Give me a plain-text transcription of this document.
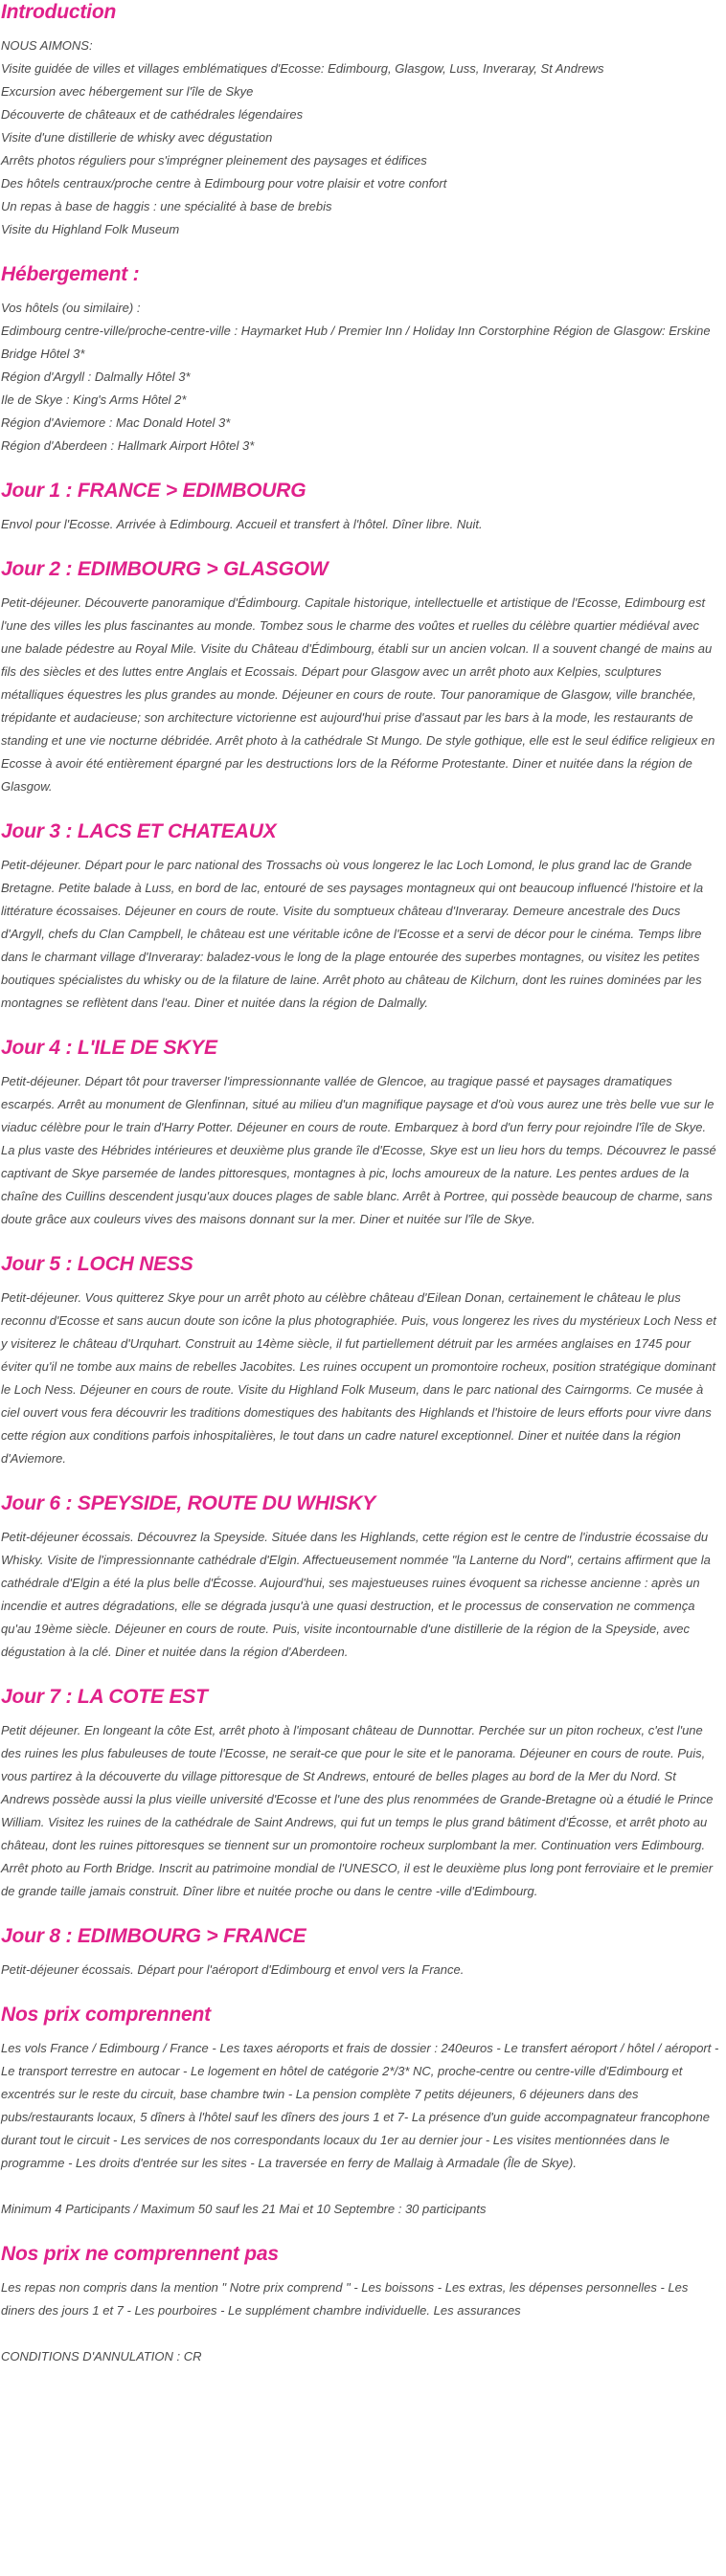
Introduction
NOUS AIMONS:
Visite guidée de villes et villages emblématiques d'Ecosse: Edimbourg, Glasgow, Luss, Inveraray, St Andrews
Excursion avec hébergement sur l'île de Skye
Découverte de châteaux et de cathédrales légendaires
Visite d'une distillerie de whisky avec dégustation
Arrêts photos réguliers pour s'imprégner pleinement des paysages et édifices
Des hôtels centraux/proche centre à Edimbourg pour votre plaisir et votre confort
Un repas à base de haggis : une spécialité à base de brebis
Visite du Highland Folk Museum
Hébergement :
Vos hôtels (ou similaire) :
Edimbourg centre-ville/proche-centre-ville : Haymarket Hub / Premier Inn / Holiday Inn Corstorphine Région de Glasgow: Erskine Bridge Hôtel 3*
Région d'Argyll : Dalmally Hôtel 3*
Ile de Skye : King's Arms Hôtel 2*
Région d'Aviemore : Mac Donald Hotel 3*
Région d'Aberdeen : Hallmark Airport Hôtel 3*
Jour 1 : FRANCE > EDIMBOURG

Envol pour l'Ecosse. Arrivée à Edimbourg. Accueil et transfert à l'hôtel. Dîner libre. Nuit.

Jour 2 : EDIMBOURG > GLASGOW

Petit-déjeuner. Découverte panoramique d'Édimbourg. Capitale historique, intellectuelle et artistique de l'Ecosse, Edimbourg est l'une des villes les plus fascinantes au monde. Tombez sous le charme des voûtes et ruelles du célèbre quartier médiéval avec une balade pédestre au Royal Mile. Visite du Château d'Édimbourg, établi sur un ancien volcan. Il a souvent changé de mains au fils des siècles et des luttes entre Anglais et Ecossais. Départ pour Glasgow avec un arrêt photo aux Kelpies, sculptures métalliques équestres les plus grandes au monde. Déjeuner en cours de route. Tour panoramique de Glasgow, ville branchée, trépidante et audacieuse; son architecture victorienne est aujourd'hui prise d'assaut par les bars à la mode, les restaurants de standing et une vie nocturne débridée. Arrêt photo à la cathédrale St Mungo. De style gothique, elle est le seul édifice religieux en Ecosse à avoir été entièrement épargné par les destructions lors de la Réforme Protestante. Diner et nuitée dans la région de Glasgow.

Jour 3 : LACS ET CHATEAUX

Petit-déjeuner. Départ pour le parc national des Trossachs où vous longerez le lac Loch Lomond, le plus grand lac de Grande Bretagne. Petite balade à Luss, en bord de lac, entouré de ses paysages montagneux qui ont beaucoup influencé l'histoire et la littérature écossaises. Déjeuner en cours de route. Visite du somptueux château d'Inveraray. Demeure ancestrale des Ducs d'Argyll, chefs du Clan Campbell, le château est une véritable icône de l'Ecosse et a servi de décor pour le cinéma. Temps libre dans le charmant village d'Inveraray: baladez-vous le long de la plage entourée des superbes montagnes, ou visitez les petites boutiques spécialistes du whisky ou de la filature de laine. Arrêt photo au château de Kilchurn, dont les ruines dominées par les montagnes se reflètent dans l'eau. Diner et nuitée dans la région de Dalmally.

Jour 4 : L'ILE DE SKYE

Petit-déjeuner. Départ tôt pour traverser l'impressionnante vallée de Glencoe, au tragique passé et paysages dramatiques escarpés. Arrêt au monument de Glenfinnan, situé au milieu d'un magnifique paysage et d'où vous aurez une très belle vue sur le viaduc célèbre pour le train d'Harry Potter. Déjeuner en cours de route. Embarquez à bord d'un ferry pour rejoindre l'île de Skye. La plus vaste des Hébrides intérieures et deuxième plus grande île d'Ecosse, Skye est un lieu hors du temps. Découvrez le passé captivant de Skye parsemée de landes pittoresques, montagnes à pic, lochs amoureux de la nature. Les pentes ardues de la chaîne des Cuillins descendent jusqu'aux douces plages de sable blanc. Arrêt à Portree, qui possède beaucoup de charme, sans doute grâce aux couleurs vives des maisons donnant sur la mer. Diner et nuitée sur l'île de Skye.

Jour 5 : LOCH NESS

Petit-déjeuner. Vous quitterez Skye pour un arrêt photo au célèbre château d'Eilean Donan, certainement le château le plus reconnu d'Ecosse et sans aucun doute son icône la plus photographiée. Puis, vous longerez les rives du mystérieux Loch Ness et y visiterez le château d'Urquhart. Construit au 14ème siècle, il fut partiellement détruit par les armées anglaises en 1745 pour éviter qu'il ne tombe aux mains de rebelles Jacobites. Les ruines occupent un promontoire rocheux, position stratégique dominant le Loch Ness. Déjeuner en cours de route. Visite du Highland Folk Museum, dans le parc national des Cairngorms. Ce musée à ciel ouvert vous fera découvrir les traditions domestiques des habitants des Highlands et l'histoire de leurs efforts pour vivre dans cette région aux conditions parfois inhospitalières, le tout dans un cadre naturel exceptionnel. Diner et nuitée dans la région d'Aviemore.

Jour 6 : SPEYSIDE, ROUTE DU WHISKY

Petit-déjeuner écossais. Découvrez la Speyside. Située dans les Highlands, cette région est le centre de l'industrie écossaise du Whisky. Visite de l'impressionnante cathédrale d'Elgin. Affectueusement nommée "la Lanterne du Nord", certains affirment que la cathédrale d'Elgin a été la plus belle d'Écosse. Aujourd'hui, ses majestueuses ruines évoquent sa richesse ancienne : après un incendie et autres dégradations, elle se dégrada jusqu'à une quasi destruction, et le processus de conservation ne commença qu'au 19ème siècle. Déjeuner en cours de route. Puis, visite incontournable d'une distillerie de la région de la Speyside, avec dégustation à la clé. Diner et nuitée dans la région d'Aberdeen.

Jour 7 : LA COTE EST

Petit déjeuner. En longeant la côte Est, arrêt photo à l'imposant château de Dunnottar. Perchée sur un piton rocheux, c'est l'une des ruines les plus fabuleuses de toute l'Ecosse, ne serait-ce que pour le site et le panorama. Déjeuner en cours de route. Puis, vous partirez à la découverte du village pittoresque de St Andrews, entouré de belles plages au bord de la Mer du Nord. St Andrews possède aussi la plus vieille université d'Ecosse et l'une des plus renommées de Grande-Bretagne où a étudié le Prince William. Visitez les ruines de la cathédrale de Saint Andrews, qui fut un temps le plus grand bâtiment d'Écosse, et arrêt photo au château, dont les ruines pittoresques se tiennent sur un promontoire rocheux surplombant la mer. Continuation vers Edimbourg. Arrêt photo au Forth Bridge. Inscrit au patrimoine mondial de l'UNESCO, il est le deuxième plus long pont ferroviaire et le premier de grande taille jamais construit. Dîner libre et nuitée proche ou dans le centre -ville d'Edimbourg.

Jour 8 : EDIMBOURG > FRANCE

Petit-déjeuner écossais. Départ pour l'aéroport d'Edimbourg et envol vers la France.

Nos prix comprennent

Les vols France / Edimbourg / France - Les taxes aéroports et frais de dossier : 240euros - Le transfert aéroport / hôtel / aéroport - Le transport terrestre en autocar - Le logement en hôtel de catégorie 2*/3* NC, proche-centre ou centre-ville d'Edimbourg et excentrés sur le reste du circuit, base chambre twin - La pension complète 7 petits déjeuners, 6 déjeuners dans des pubs/restaurants locaux, 5 dîners à l'hôtel sauf les dîners des jours 1 et 7- La présence d'un guide accompagnateur francophone durant tout le circuit - Les services de nos correspondants locaux du 1er au dernier jour - Les visites mentionnées dans le programme - Les droits d'entrée sur les sites - La traversée en ferry de Mallaig à Armadale (Île de Skye).

Minimum 4 Participants / Maximum 50 sauf les 21 Mai et 10 Septembre : 30 participants

Nos prix ne comprennent pas

Les repas non compris dans la mention " Notre prix comprend " - Les boissons - Les extras, les dépenses personnelles - Les diners des jours 1 et 7 - Les pourboires - Le supplément chambre individuelle. Les assurances

CONDITIONS D'ANNULATION : CR
